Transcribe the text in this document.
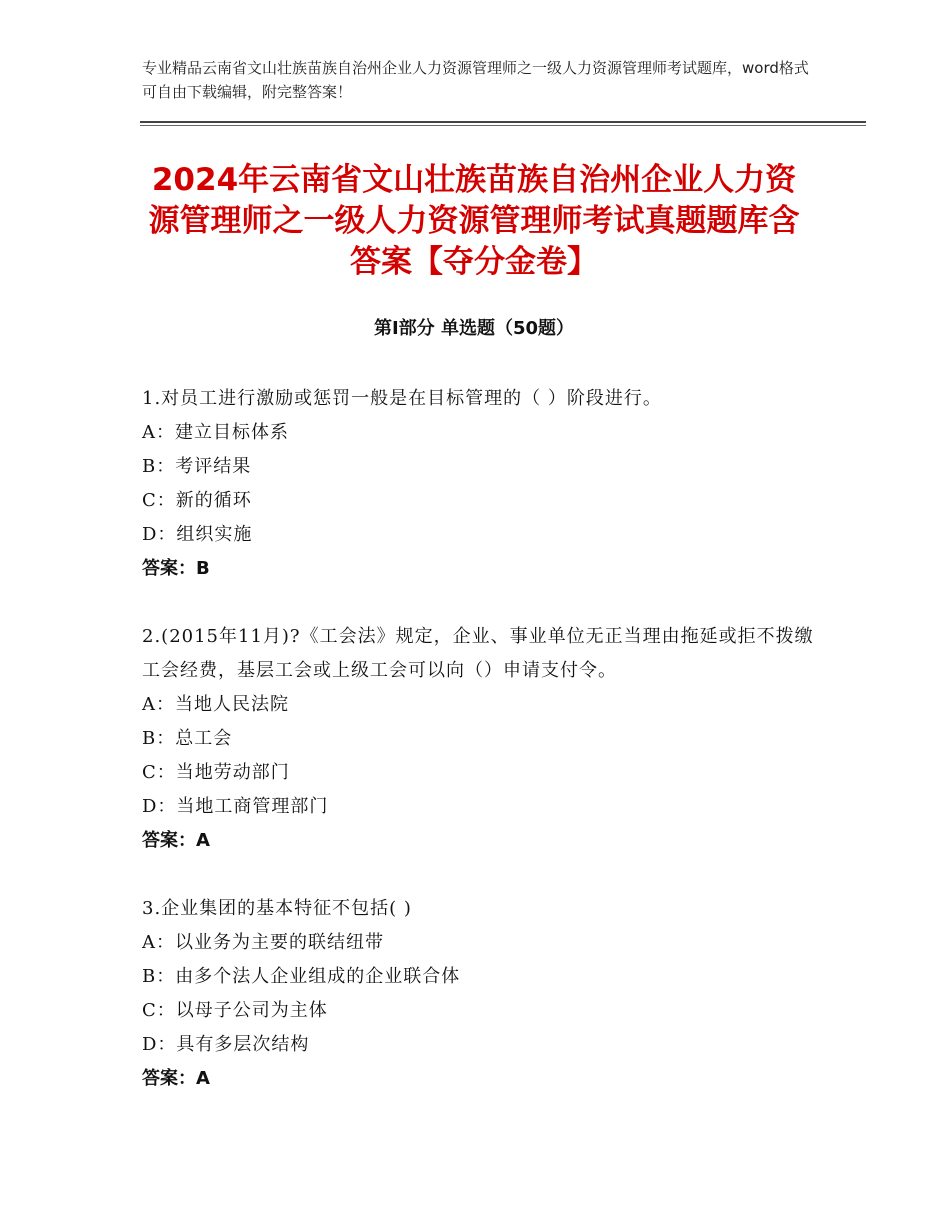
专业精品云南省文山壮族苗族自治州企业人力资源管理师之一级人力资源管理师考试题库，word格式可自由下载编辑，附完整答案！
2024年云南省文山壮族苗族自治州企业人力资源管理师之一级人力资源管理师考试真题题库含答案【夺分金卷】
第Ⅰ部分 单选题（50题）
1.对员工进行激励或惩罚一般是在目标管理的（ ）阶段进行。
A：建立目标体系
B：考评结果
C：新的循环
D：组织实施
答案：B
2.(2015年11月)?《工会法》规定，企业、事业单位无正当理由拖延或拒不拨缴工会经费，基层工会或上级工会可以向（）申请支付令。
A：当地人民法院
B：总工会
C：当地劳动部门
D：当地工商管理部门
答案：A
3.企业集团的基本特征不包括( )
A：以业务为主要的联结纽带
B：由多个法人企业组成的企业联合体
C：以母子公司为主体
D：具有多层次结构
答案：A
